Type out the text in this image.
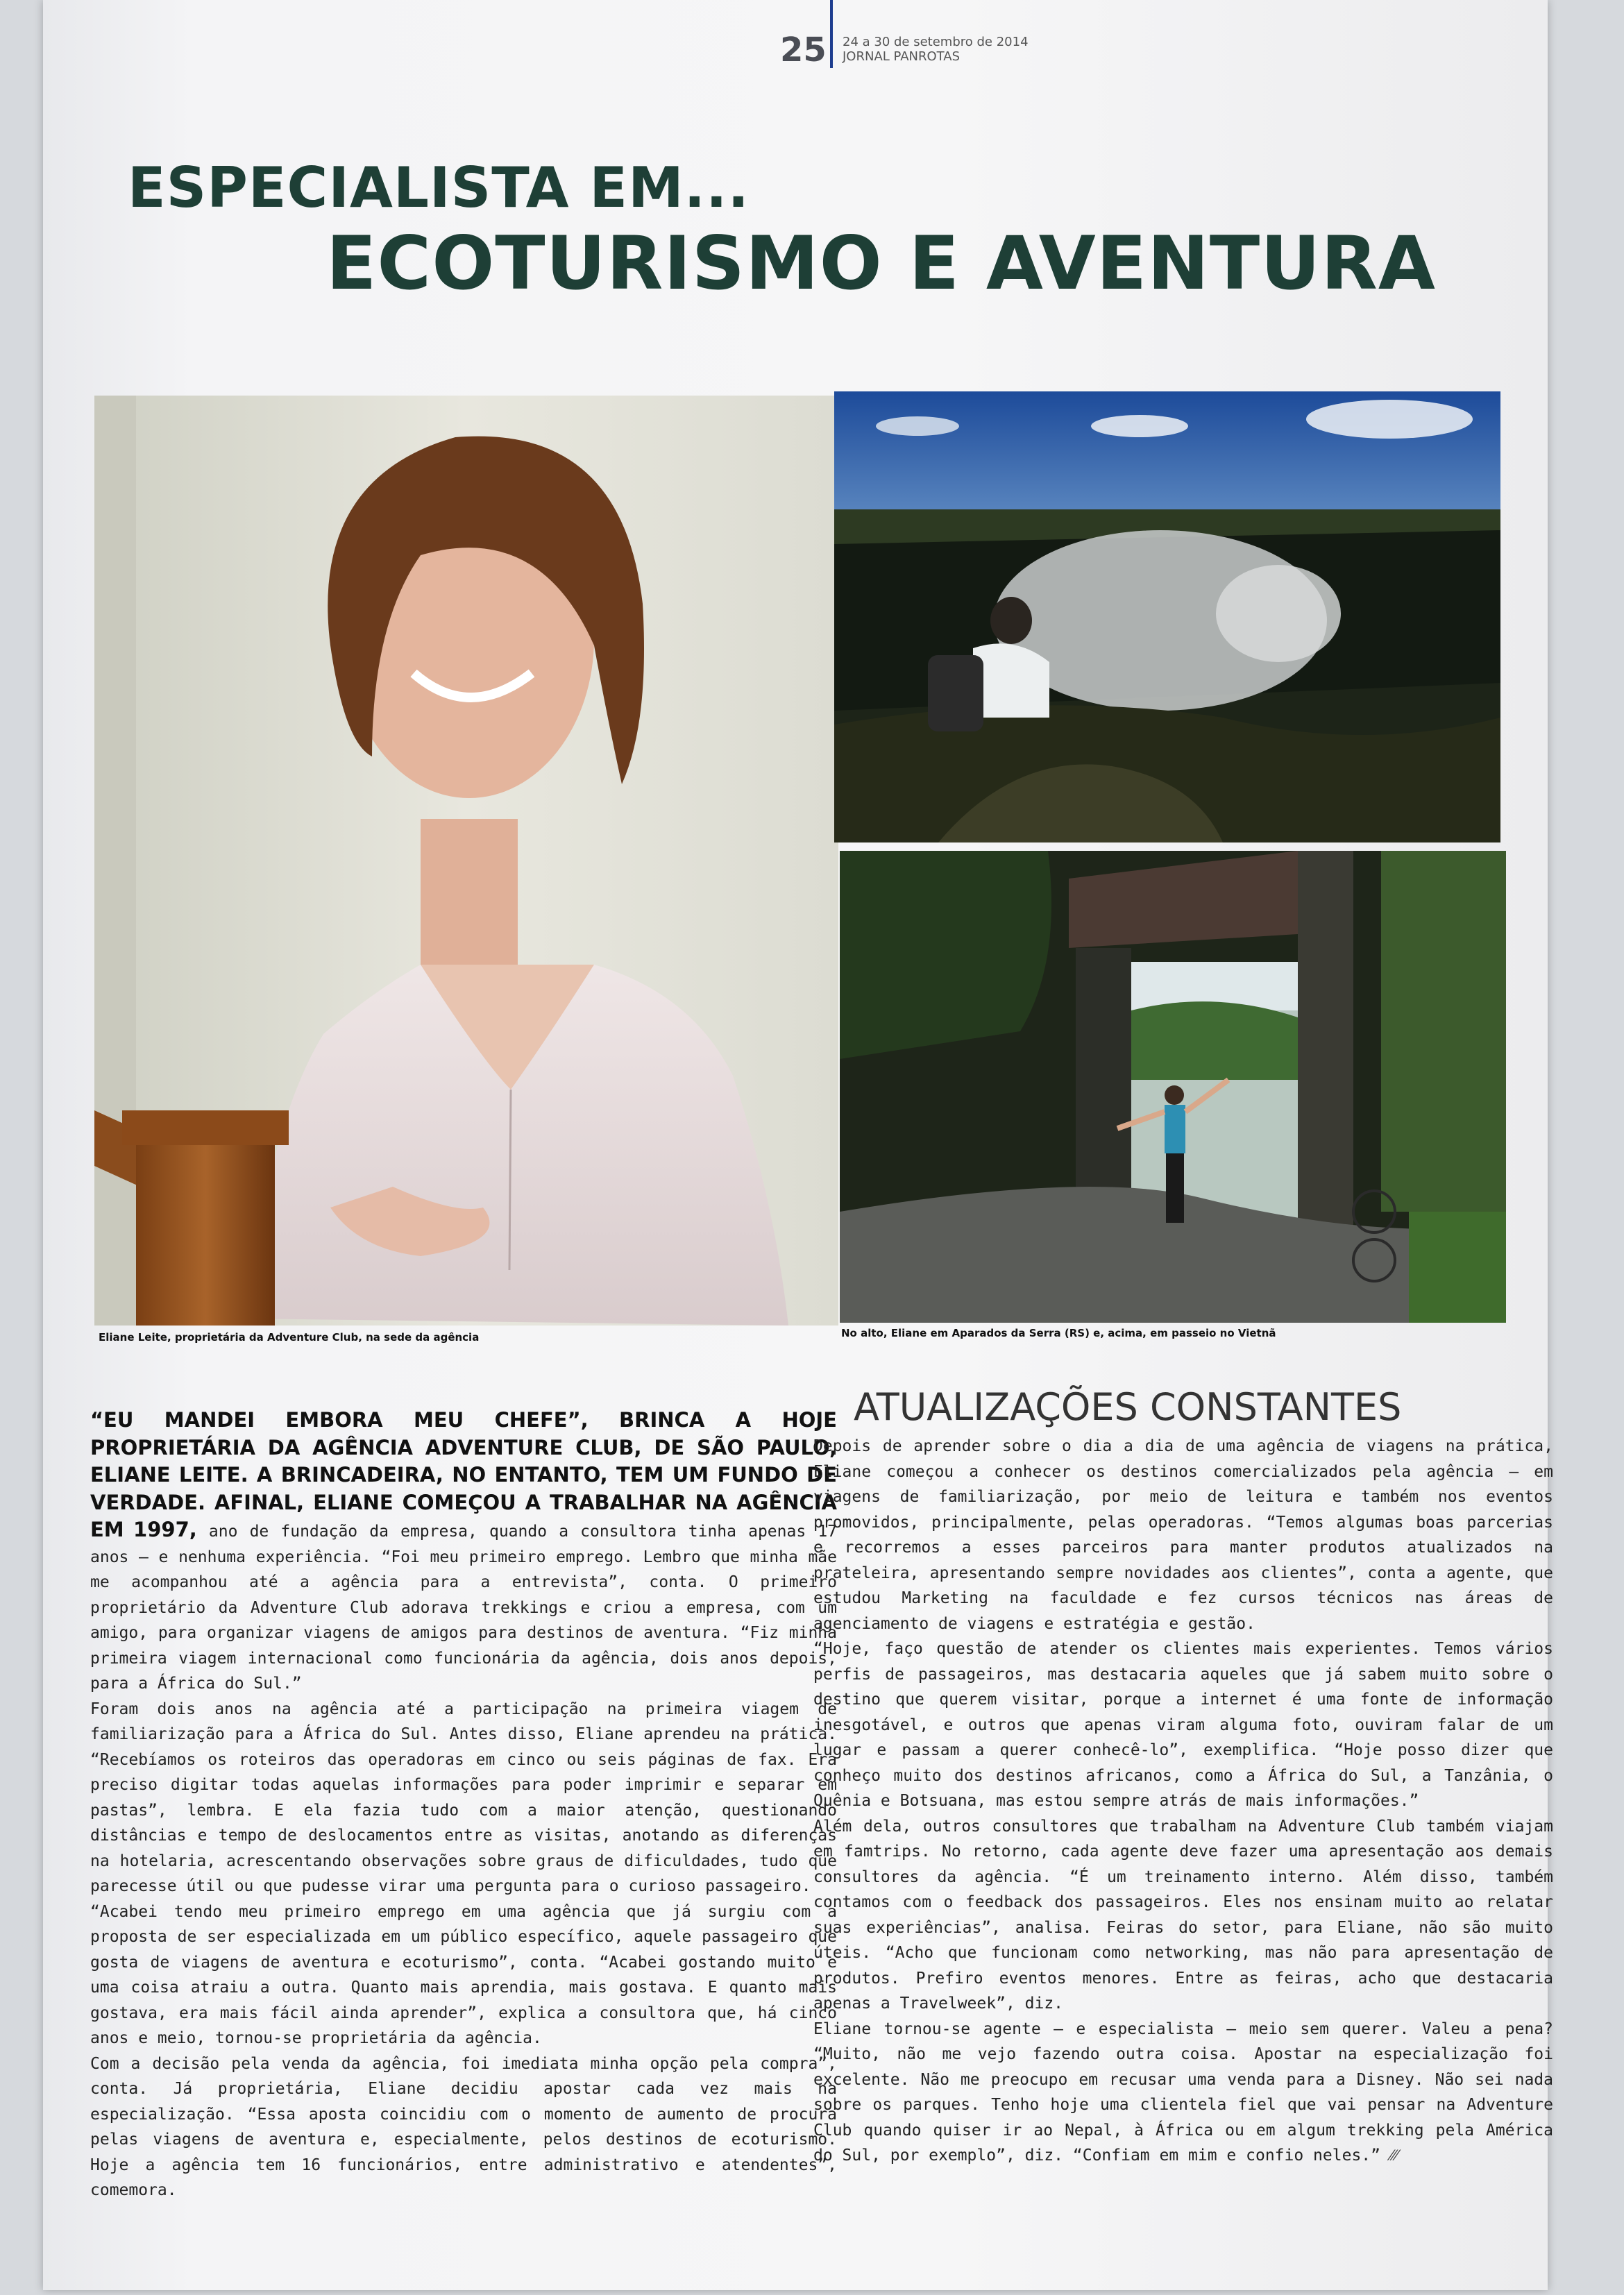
25 24 a 30 de setembro de 2014
JORNAL PANROTAS
ESPECIALISTA EM...
ECOTURISMO E AVENTURA
Eliane Leite, proprietária da Adventure Club, na sede da agência	No alto, Eliane em Aparados da Serra (RS) e, acima, em passeio no Vietnã

“EU MANDEI EMBORA MEU CHEFE”, BRINCA A HOJE PROPRIETÁRIA DA AGÊNCIA ADVENTURE CLUB, DE SÃO PAULO, ELIANE LEITE. A BRINCADEIRA, NO ENTANTO, TEM UM FUNDO DE VERDADE. AFINAL, ELIANE COMEÇOU A TRABALHAR NA AGÊNCIA EM 1997, ano de fundação da empresa, quando a consultora tinha apenas 17 anos — e nenhuma experiência. “Foi meu primeiro emprego. Lembro que minha mãe me acompanhou até a agência para a entrevista”, conta. O primeiro proprietário da Adventure Club adorava trekkings e criou a empresa, com um amigo, para organizar viagens de amigos para destinos de aventura. “Fiz minha primeira viagem internacional como funcionária da agência, dois anos depois, para a África do Sul.”

Foram dois anos na agência até a participação na primeira viagem de familiarização para a África do Sul. Antes disso, Eliane aprendeu na prática. “Recebíamos os roteiros das operadoras em cinco ou seis páginas de fax. Era preciso digitar todas aquelas informações para poder imprimir e separar em pastas”, lembra. E ela fazia tudo com a maior atenção, questionando distâncias e tempo de deslocamentos entre as visitas, anotando as diferenças na hotelaria, acrescentando observações sobre graus de dificuldades, tudo que parecesse útil ou que pudesse virar uma pergunta para o curioso passageiro.

“Acabei tendo meu primeiro emprego em uma agência que já surgiu com a proposta de ser especializada em um público específico, aquele passageiro que gosta de viagens de aventura e ecoturismo”, conta. “Acabei gostando muito e uma coisa atraiu a outra. Quanto mais aprendia, mais gostava. E quanto mais gostava, era mais fácil ainda aprender”, explica a consultora que, há cinco anos e meio, tornou-se proprietária da agência.

Com a decisão pela venda da agência, foi imediata minha opção pela compra”, conta. Já proprietária, Eliane decidiu apostar cada vez mais na especialização. “Essa aposta coincidiu com o momento de aumento de procura pelas viagens de aventura e, especialmente, pelos destinos de ecoturismo. Hoje a agência tem 16 funcionários, entre administrativo e atendentes”, comemora.

ATUALIZAÇÕES CONSTANTES

Depois de aprender sobre o dia a dia de uma agência de viagens na prática, Eliane começou a conhecer os destinos comercializados pela agência — em viagens de familiarização, por meio de leitura e também nos eventos promovidos, principalmente, pelas operadoras. “Temos algumas boas parcerias e recorremos a esses parceiros para manter produtos atualizados na prateleira, apresentando sempre novidades aos clientes”, conta a agente, que estudou Marketing na faculdade e fez cursos técnicos nas áreas de agenciamento de viagens e estratégia e gestão.

“Hoje, faço questão de atender os clientes mais experientes. Temos vários perfis de passageiros, mas destacaria aqueles que já sabem muito sobre o destino que querem visitar, porque a internet é uma fonte de informação inesgotável, e outros que apenas viram alguma foto, ouviram falar de um lugar e passam a querer conhecê-lo”, exemplifica. “Hoje posso dizer que conheço muito dos destinos africanos, como a África do Sul, a Tanzânia, o Quênia e Botsuana, mas estou sempre atrás de mais informações.”

Além dela, outros consultores que trabalham na Adventure Club também viajam em famtrips. No retorno, cada agente deve fazer uma apresentação aos demais consultores da agência. “É um treinamento interno. Além disso, também contamos com o feedback dos passageiros. Eles nos ensinam muito ao relatar suas experiências”, analisa. Feiras do setor, para Eliane, não são muito úteis. “Acho que funcionam como networking, mas não para apresentação de produtos. Prefiro eventos menores. Entre as feiras, acho que destacaria apenas a Travelweek”, diz.

Eliane tornou-se agente — e especialista — meio sem querer. Valeu a pena? “Muito, não me vejo fazendo outra coisa. Apostar na especialização foi excelente. Não me preocupo em recusar uma venda para a Disney. Não sei nada sobre os parques. Tenho hoje uma clientela fiel que vai pensar na Adventure Club quando quiser ir ao Nepal, à África ou em algum trekking pela América do Sul, por exemplo”, diz. “Confiam em mim e confio neles.” ⁄⁄⁄
